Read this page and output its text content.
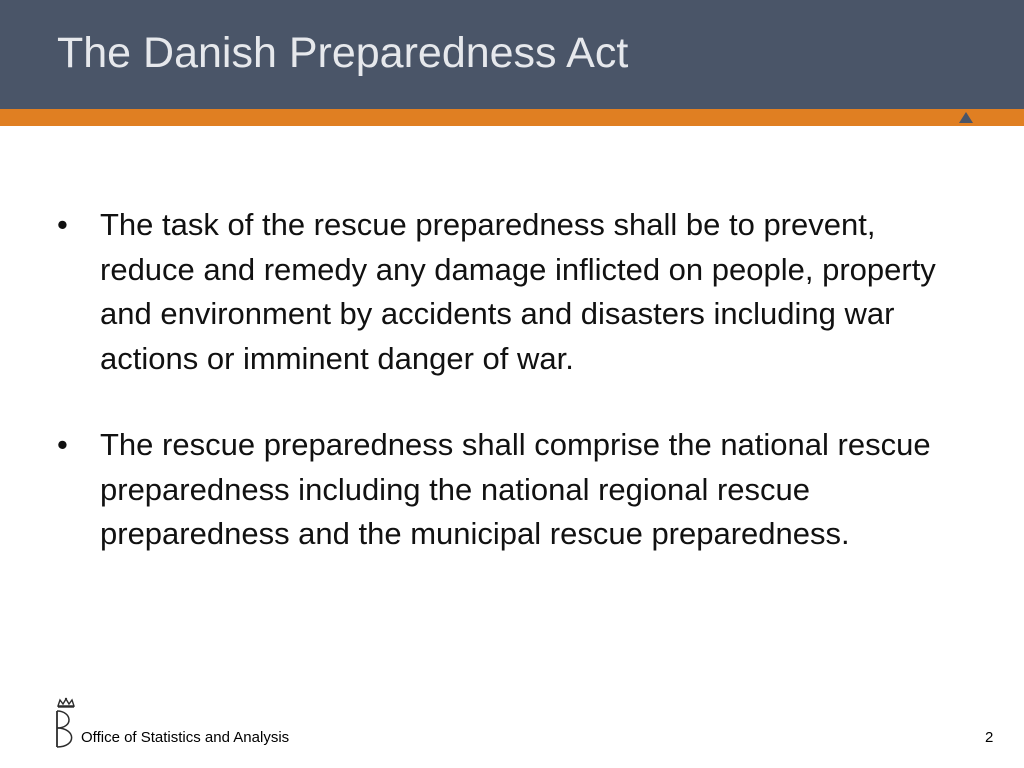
The Danish Preparedness Act
• The task of the rescue preparedness shall be to prevent, reduce and remedy any damage inflicted on people, property and environment by accidents and disasters including war actions or imminent danger of war.
• The rescue preparedness shall comprise the national rescue preparedness including the national regional rescue preparedness and the municipal rescue preparedness.
Office of Statistics and Analysis	2
